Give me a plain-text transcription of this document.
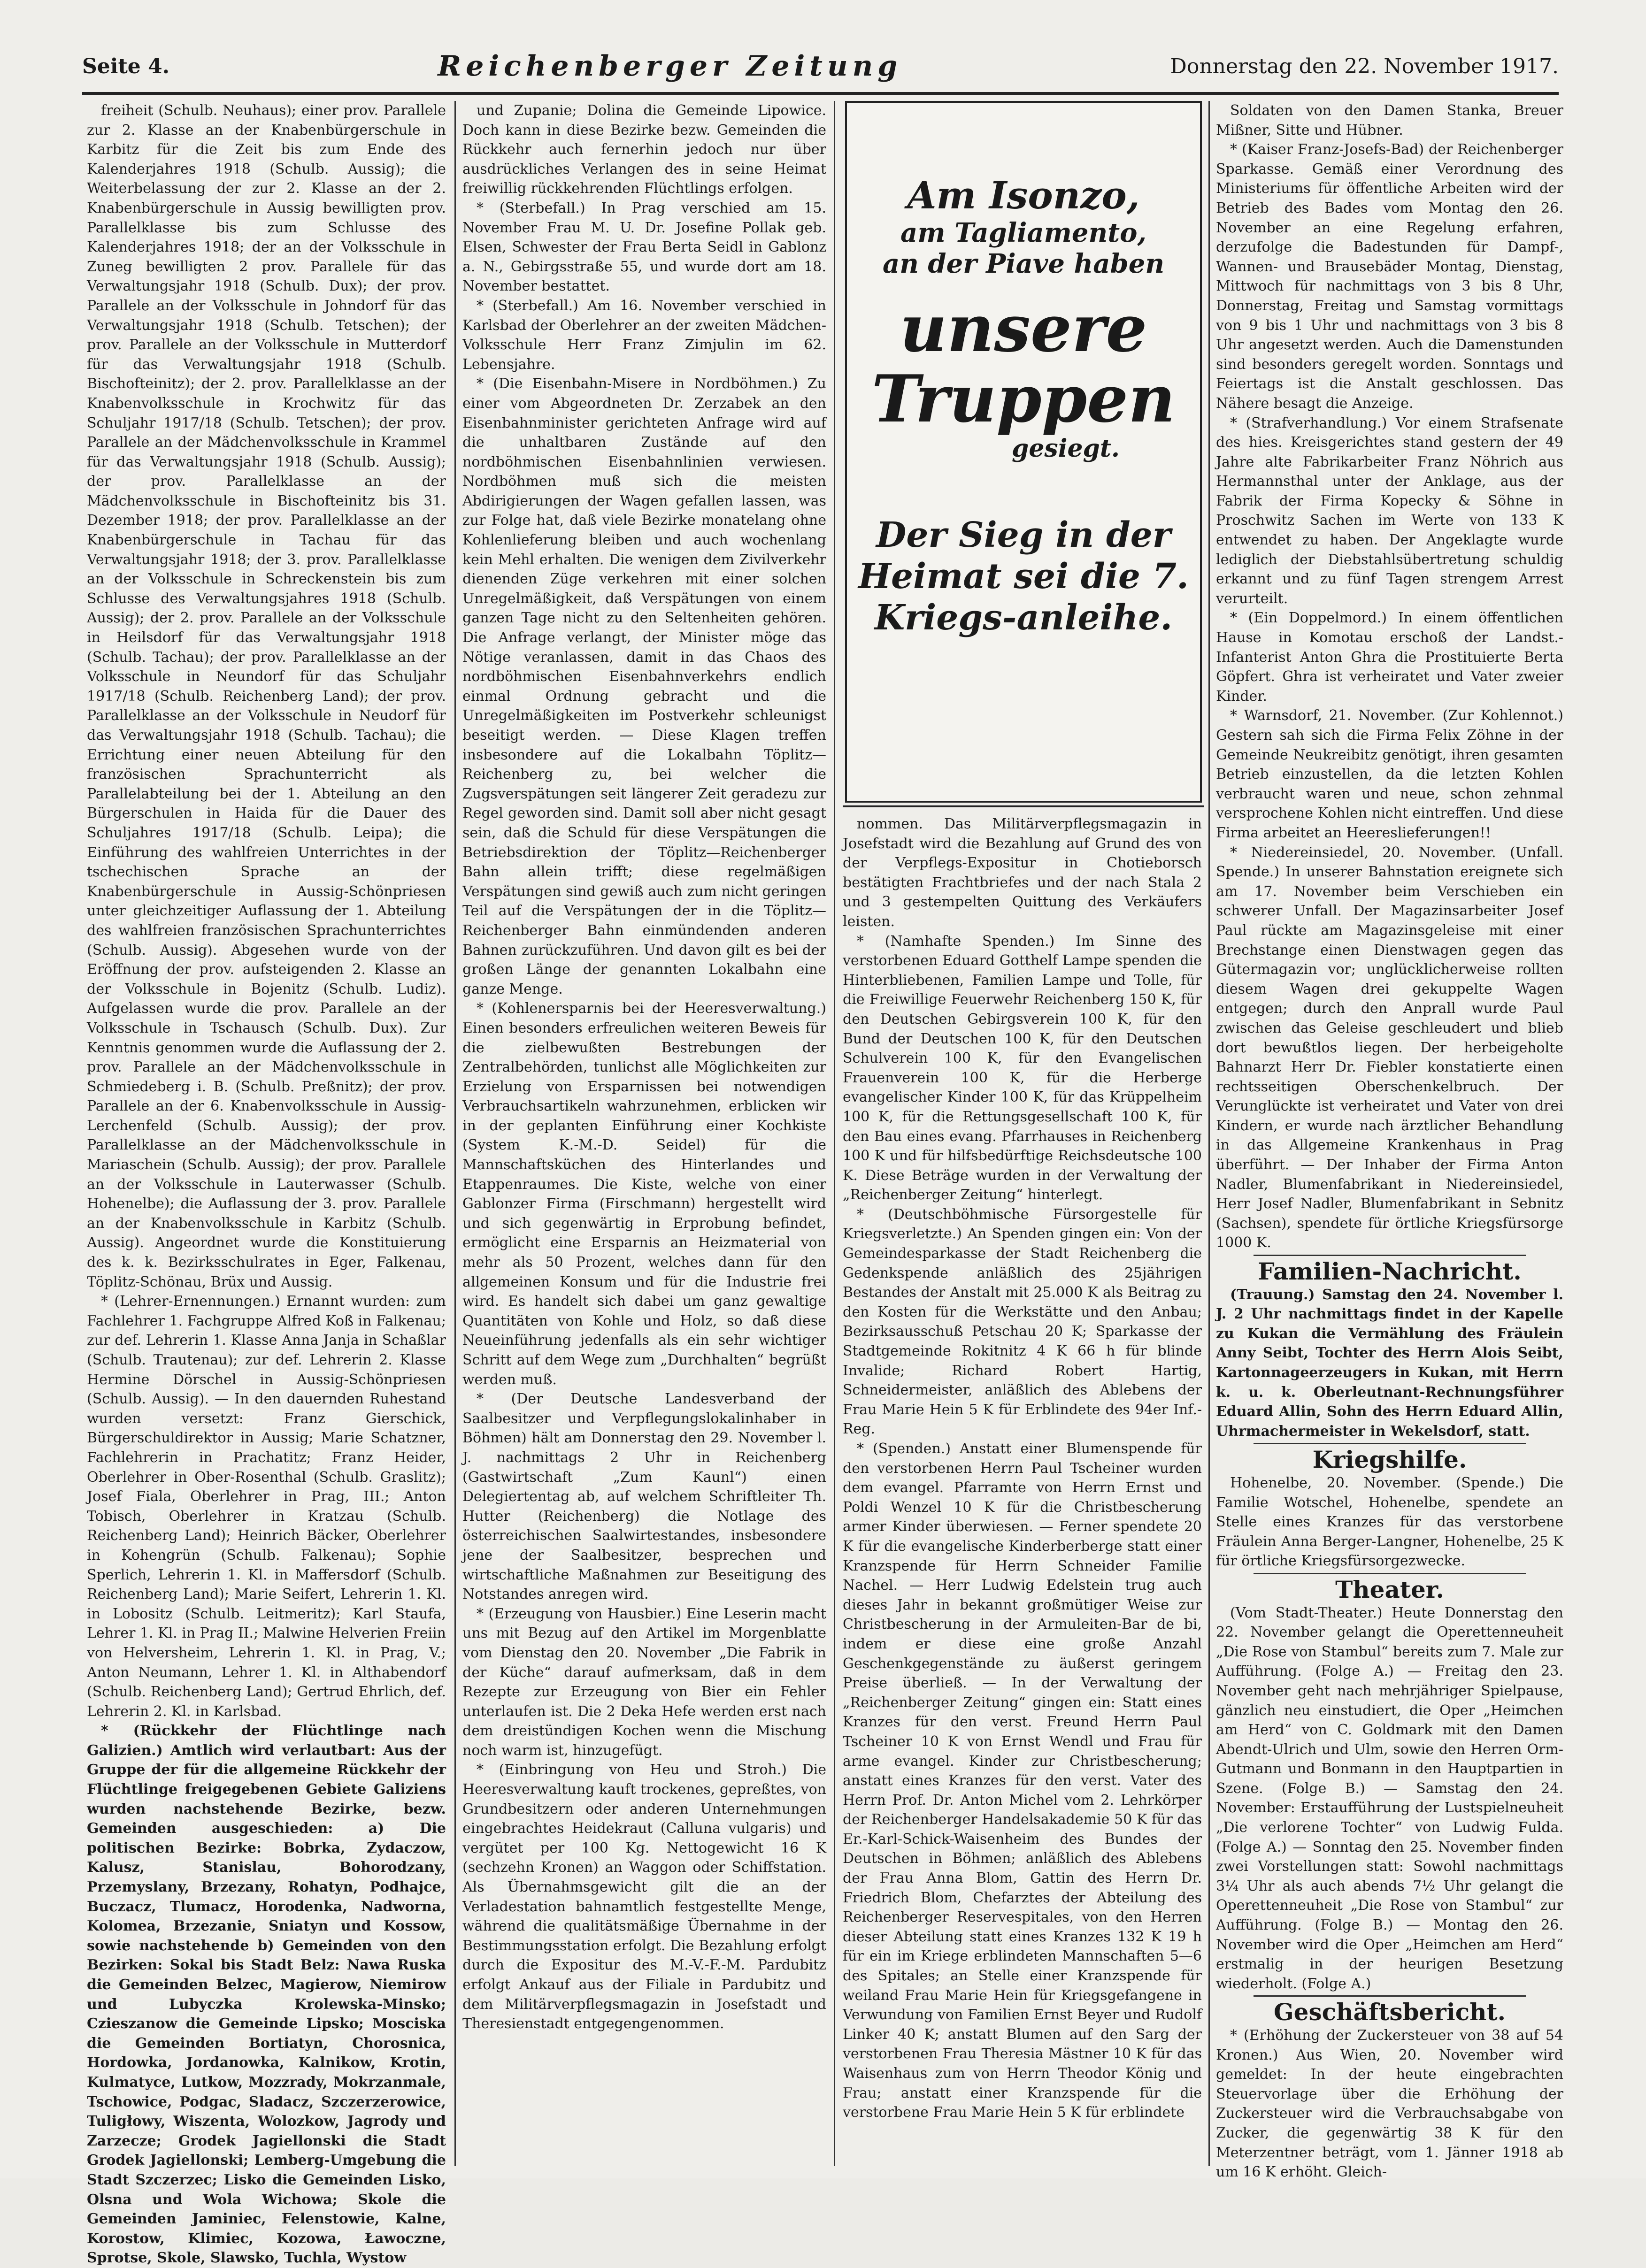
Seite 4.	Reichenberger Zeitung	Donnerstag den 22. November 1917.

freiheit (Schulb. Neuhaus); einer prov. Parallele zur 2. Klasse an der Knabenbürgerschule in Karbitz für die Zeit bis zum Ende des Kalenderjahres 1918 (Schulb. Aussig); die Weiterbelassung der zur 2. Klasse an der 2. Knabenbürgerschule in Aussig bewilligten prov. Parallelklasse bis zum Schlusse des Kalenderjahres 1918; der an der Volksschule in Zuneg bewilligten 2 prov. Parallele für das Verwaltungsjahr 1918 (Schulb. Dux); der prov. Parallele an der Volksschule in Johndorf für das Verwaltungsjahr 1918 (Schulb. Tetschen); der prov. Parallele an der Volksschule in Mutterdorf für das Verwaltungsjahr 1918 (Schulb. Bischofteinitz); der 2. prov. Parallelklasse an der Knabenvolksschule in Krochwitz für das Schuljahr 1917/18 (Schulb. Tetschen); der prov. Parallele an der Mädchenvolksschule in Krammel für das Verwaltungsjahr 1918 (Schulb. Aussig); der prov. Parallelklasse an der Mädchenvolksschule in Bischofteinitz bis 31. Dezember 1918; der prov. Parallelklasse an der Knabenbürgerschule in Tachau für das Verwaltungsjahr 1918; der 3. prov. Parallelklasse an der Volksschule in Schreckenstein bis zum Schlusse des Verwaltungsjahres 1918 (Schulb. Aussig); der 2. prov. Parallele an der Volksschule in Heilsdorf für das Verwaltungsjahr 1918 (Schulb. Tachau); der prov. Parallelklasse an der Volksschule in Neundorf für das Schuljahr 1917/18 (Schulb. Reichenberg Land); der prov. Parallelklasse an der Volksschule in Neudorf für das Verwaltungsjahr 1918 (Schulb. Tachau); die Errichtung einer neuen Abteilung für den französischen Sprachunterricht als Parallelabteilung bei der 1. Abteilung an den Bürgerschulen in Haida für die Dauer des Schuljahres 1917/18 (Schulb. Leipa); die Einführung des wahlfreien Unterrichtes in der tschechischen Sprache an der Knabenbürgerschule in Aussig-Schönpriesen unter gleichzeitiger Auflassung der 1. Abteilung des wahlfreien französischen Sprachunterrichtes (Schulb. Aussig). Abgesehen wurde von der Eröffnung der prov. aufsteigenden 2. Klasse an der Volksschule in Bojenitz (Schulb. Ludiz). Aufgelassen wurde die prov. Parallele an der Volksschule in Tschausch (Schulb. Dux). Zur Kenntnis genommen wurde die Auflassung der 2. prov. Parallele an der Mädchenvolksschule in Schmiedeberg i. B. (Schulb. Preßnitz); der prov. Parallele an der 6. Knabenvolksschule in Aussig-Lerchenfeld (Schulb. Aussig); der prov. Parallelklasse an der Mädchenvolksschule in Mariaschein (Schulb. Aussig); der prov. Parallele an der Volksschule in Lauterwasser (Schulb. Hohenelbe); die Auflassung der 3. prov. Parallele an der Knabenvolksschule in Karbitz (Schulb. Aussig). Angeordnet wurde die Konstituierung des k. k. Bezirksschulrates in Eger, Falkenau, Töplitz-Schönau, Brüx und Aussig.

* (Lehrer-Ernennungen.) Ernannt wurden: zum Fachlehrer 1. Fachgruppe Alfred Koß in Falkenau; zur def. Lehrerin 1. Klasse Anna Janja in Schaßlar (Schulb. Trautenau); zur def. Lehrerin 2. Klasse Hermine Dörschel in Aussig-Schönpriesen (Schulb. Aussig). — In den dauernden Ruhestand wurden versetzt: Franz Gierschick, Bürgerschuldirektor in Aussig; Marie Schatzner, Fachlehrerin in Prachatitz; Franz Heider, Oberlehrer in Ober-Rosenthal (Schulb. Graslitz); Josef Fiala, Oberlehrer in Prag, III.; Anton Tobisch, Oberlehrer in Kratzau (Schulb. Reichenberg Land); Heinrich Bäcker, Oberlehrer in Kohengrün (Schulb. Falkenau); Sophie Sperlich, Lehrerin 1. Kl. in Maffersdorf (Schulb. Reichenberg Land); Marie Seifert, Lehrerin 1. Kl. in Lobositz (Schulb. Leitmeritz); Karl Staufa, Lehrer 1. Kl. in Prag II.; Malwine Helverien Freiin von Helversheim, Lehrerin 1. Kl. in Prag, V.; Anton Neumann, Lehrer 1. Kl. in Althabendorf (Schulb. Reichenberg Land); Gertrud Ehrlich, def. Lehrerin 2. Kl. in Karlsbad.

* (Rückkehr der Flüchtlinge nach Galizien.) Amtlich wird verlautbart: Aus der Gruppe der für die allgemeine Rückkehr der Flüchtlinge freigegebenen Gebiete Galiziens wurden nachstehende Bezirke, bezw. Gemeinden ausgeschieden: a) Die politischen Bezirke: Bobrka, Zydaczow, Kalusz, Stanislau, Bohorodzany, Przemyslany, Brzezany, Rohatyn, Podhajce, Buczacz, Tlumacz, Horodenka, Nadworna, Kolomea, Brzezanie, Sniatyn und Kossow, sowie nachstehende b) Gemeinden von den Bezirken: Sokal bis Stadt Belz: Nawa Ruska die Gemeinden Belzec, Magierow, Niemirow und Lubyczka Krolewska-Minsko; Czieszanow die Gemeinde Lipsko; Mosciska die Gemeinden Bortiatyn, Chorosnica, Hordowka, Jordanowka, Kalnikow, Krotin, Kulmatyce, Lutkow, Mozzrady, Mokrzanmale, Tschowice, Podgac, Sladacz, Szczerzerowice, Tuligłowy, Wiszenta, Wolozkow, Jagrody und Zarzecze; Grodek Jagiellonski die Stadt Grodek Jagiellonski; Lemberg-Umgebung die Stadt Szczerzec; Lisko die Gemeinden Lisko, Olsna und Wola Wichowa; Skole die Gemeinden Jaminiec, Felenstowie, Kalne, Korostow, Klimiec, Kozowa, Ławoczne, Sprotse, Skole, Slawsko, Tuchla, Wystow

und Zupanie; Dolina die Gemeinde Lipowice. Doch kann in diese Bezirke bezw. Gemeinden die Rückkehr auch fernerhin jedoch nur über ausdrückliches Verlangen des in seine Heimat freiwillig rückkehrenden Flüchtlings erfolgen.

* (Sterbefall.) In Prag verschied am 15. November Frau M. U. Dr. Josefine Pollak geb. Elsen, Schwester der Frau Berta Seidl in Gablonz a. N., Gebirgsstraße 55, und wurde dort am 18. November bestattet.

* (Sterbefall.) Am 16. November verschied in Karlsbad der Oberlehrer an der zweiten Mädchen-Volksschule Herr Franz Zimjulin im 62. Lebensjahre.

* (Die Eisenbahn-Misere in Nordböhmen.) Zu einer vom Abgeordneten Dr. Zerzabek an den Eisenbahnminister gerichteten Anfrage wird auf die unhaltbaren Zustände auf den nordböhmischen Eisenbahnlinien verwiesen. Nordböhmen muß sich die meisten Abdirigierungen der Wagen gefallen lassen, was zur Folge hat, daß viele Bezirke monatelang ohne Kohlenlieferung bleiben und auch wochenlang kein Mehl erhalten. Die wenigen dem Zivilverkehr dienenden Züge verkehren mit einer solchen Unregelmäßigkeit, daß Verspätungen von einem ganzen Tage nicht zu den Seltenheiten gehören. Die Anfrage verlangt, der Minister möge das Nötige veranlassen, damit in das Chaos des nordböhmischen Eisenbahnverkehrs endlich einmal Ordnung gebracht und die Unregelmäßigkeiten im Postverkehr schleunigst beseitigt werden. — Diese Klagen treffen insbesondere auf die Lokalbahn Töplitz—Reichenberg zu, bei welcher die Zugsverspätungen seit längerer Zeit geradezu zur Regel geworden sind. Damit soll aber nicht gesagt sein, daß die Schuld für diese Verspätungen die Betriebsdirektion der Töplitz—Reichenberger Bahn allein trifft; diese regelmäßigen Verspätungen sind gewiß auch zum nicht geringen Teil auf die Verspätungen der in die Töplitz—Reichenberger Bahn einmündenden anderen Bahnen zurückzuführen. Und davon gilt es bei der großen Länge der genannten Lokalbahn eine ganze Menge.

* (Kohlenersparnis bei der Heeresverwaltung.) Einen besonders erfreulichen weiteren Beweis für die zielbewußten Bestrebungen der Zentralbehörden, tunlichst alle Möglichkeiten zur Erzielung von Ersparnissen bei notwendigen Verbrauchsartikeln wahrzunehmen, erblicken wir in der geplanten Einführung einer Kochkiste (System K.-M.-D. Seidel) für die Mannschaftsküchen des Hinterlandes und Etappenraumes. Die Kiste, welche von einer Gablonzer Firma (Firschmann) hergestellt wird und sich gegenwärtig in Erprobung befindet, ermöglicht eine Ersparnis an Heizmaterial von mehr als 50 Prozent, welches dann für den allgemeinen Konsum und für die Industrie frei wird. Es handelt sich dabei um ganz gewaltige Quantitäten von Kohle und Holz, so daß diese Neueinführung jedenfalls als ein sehr wichtiger Schritt auf dem Wege zum „Durchhalten“ begrüßt werden muß.

* (Der Deutsche Landesverband der Saalbesitzer und Verpflegungslokalinhaber in Böhmen) hält am Donnerstag den 29. November l. J. nachmittags 2 Uhr in Reichenberg (Gastwirtschaft „Zum Kaunl“) einen Delegiertentag ab, auf welchem Schriftleiter Th. Hutter (Reichenberg) die Notlage des österreichischen Saalwirtestandes, insbesondere jene der Saalbesitzer, besprechen und wirtschaftliche Maßnahmen zur Beseitigung des Notstandes anregen wird.

* (Erzeugung von Hausbier.) Eine Leserin macht uns mit Bezug auf den Artikel im Morgenblatte vom Dienstag den 20. November „Die Fabrik in der Küche“ darauf aufmerksam, daß in dem Rezepte zur Erzeugung von Bier ein Fehler unterlaufen ist. Die 2 Deka Hefe werden erst nach dem dreistündigen Kochen wenn die Mischung noch warm ist, hinzugefügt.

* (Einbringung von Heu und Stroh.) Die Heeresverwaltung kauft trockenes, gepreßtes, von Grundbesitzern oder anderen Unternehmungen eingebrachtes Heidekraut (Calluna vulgaris) und vergütet per 100 Kg. Nettogewicht 16 K (sechzehn Kronen) an Waggon oder Schiffstation. Als Übernahmsgewicht gilt die an der Verladestation bahnamtlich festgestellte Menge, während die qualitätsmäßige Übernahme in der Bestimmungsstation erfolgt. Die Bezahlung erfolgt durch die Expositur des M.-V.-F.-M. Pardubitz erfolgt Ankauf aus der Filiale in Pardubitz und dem Militärverpflegsmagazin in Josefstadt und Theresienstadt entgegengenommen.

Am Isonzo,
am Tagliamento,
an der Piave haben
unsere
Truppen
gesiegt.
Der Sieg in der Heimat sei die 7. Kriegs-anleihe.

nommen. Das Militärverpflegsmagazin in Josefstadt wird die Bezahlung auf Grund des von der Verpflegs-Expositur in Chotieborsch bestätigten Frachtbriefes und der nach Stala 2 und 3 gestempelten Quittung des Verkäufers leisten.

* (Namhafte Spenden.) Im Sinne des verstorbenen Eduard Gotthelf Lampe spenden die Hinterbliebenen, Familien Lampe und Tolle, für die Freiwillige Feuerwehr Reichenberg 150 K, für den Deutschen Gebirgsverein 100 K, für den Bund der Deutschen 100 K, für den Deutschen Schulverein 100 K, für den Evangelischen Frauenverein 100 K, für die Herberge evangelischer Kinder 100 K, für das Krüppelheim 100 K, für die Rettungsgesellschaft 100 K, für den Bau eines evang. Pfarrhauses in Reichenberg 100 K und für hilfsbedürftige Reichsdeutsche 100 K. Diese Beträge wurden in der Verwaltung der „Reichenberger Zeitung“ hinterlegt.

* (Deutschböhmische Fürsorgestelle für Kriegsverletzte.) An Spenden gingen ein: Von der Gemeindesparkasse der Stadt Reichenberg die Gedenkspende anläßlich des 25jährigen Bestandes der Anstalt mit 25.000 K als Beitrag zu den Kosten für die Werkstätte und den Anbau; Bezirksausschuß Petschau 20 K; Sparkasse der Stadtgemeinde Rokitnitz 4 K 66 h für blinde Invalide; Richard Robert Hartig, Schneidermeister, anläßlich des Ablebens der Frau Marie Hein 5 K für Erblindete des 94er Inf.-Reg.

* (Spenden.) Anstatt einer Blumenspende für den verstorbenen Herrn Paul Tscheiner wurden dem evangel. Pfarramte von Herrn Ernst und Poldi Wenzel 10 K für die Christbescherung armer Kinder überwiesen. — Ferner spendete 20 K für die evangelische Kinderberberge statt einer Kranzspende für Herrn Schneider Familie Nachel. — Herr Ludwig Edelstein trug auch dieses Jahr in bekannt großmütiger Weise zur Christbescherung in der Armuleiten-Bar de bi, indem er diese eine große Anzahl Geschenkgegenstände zu äußerst geringem Preise überließ. — In der Verwaltung der „Reichenberger Zeitung“ gingen ein: Statt eines Kranzes für den verst. Freund Herrn Paul Tscheiner 10 K von Ernst Wendl und Frau für arme evangel. Kinder zur Christbescherung; anstatt eines Kranzes für den verst. Vater des Herrn Prof. Dr. Anton Michel vom 2. Lehrkörper der Reichenberger Handelsakademie 50 K für das Er.-Karl-Schick-Waisenheim des Bundes der Deutschen in Böhmen; anläßlich des Ablebens der Frau Anna Blom, Gattin des Herrn Dr. Friedrich Blom, Chefarztes der Abteilung des Reichenberger Reservespitales, von den Herren dieser Abteilung statt eines Kranzes 132 K 19 h für ein im Kriege erblindeten Mannschaften 5—6 des Spitales; an Stelle einer Kranzspende für weiland Frau Marie Hein für Kriegsgefangene in Verwundung von Familien Ernst Beyer und Rudolf Linker 40 K; anstatt Blumen auf den Sarg der verstorbenen Frau Theresia Mästner 10 K für das Waisenhaus zum von Herrn Theodor König und Frau; anstatt einer Kranzspende für die verstorbene Frau Marie Hein 5 K für erblindete

Soldaten von den Damen Stanka, Breuer Mißner, Sitte und Hübner.

* (Kaiser Franz-Josefs-Bad) der Reichenberger Sparkasse. Gemäß einer Verordnung des Ministeriums für öffentliche Arbeiten wird der Betrieb des Bades vom Montag den 26. November an eine Regelung erfahren, derzufolge die Badestunden für Dampf-, Wannen- und Brausebäder Montag, Dienstag, Mittwoch für nachmittags von 3 bis 8 Uhr, Donnerstag, Freitag und Samstag vormittags von 9 bis 1 Uhr und nachmittags von 3 bis 8 Uhr angesetzt werden. Auch die Damenstunden sind besonders geregelt worden. Sonntags und Feiertags ist die Anstalt geschlossen. Das Nähere besagt die Anzeige.

* (Strafverhandlung.) Vor einem Strafsenate des hies. Kreisgerichtes stand gestern der 49 Jahre alte Fabrikarbeiter Franz Nöhrich aus Hermannsthal unter der Anklage, aus der Fabrik der Firma Kopecky & Söhne in Proschwitz Sachen im Werte von 133 K entwendet zu haben. Der Angeklagte wurde lediglich der Diebstahlsübertretung schuldig erkannt und zu fünf Tagen strengem Arrest verurteilt.

* (Ein Doppelmord.) In einem öffentlichen Hause in Komotau erschoß der Landst.-Infanterist Anton Ghra die Prostituierte Berta Göpfert. Ghra ist verheiratet und Vater zweier Kinder.

* Warnsdorf, 21. November. (Zur Kohlennot.) Gestern sah sich die Firma Felix Zöhne in der Gemeinde Neukreibitz genötigt, ihren gesamten Betrieb einzustellen, da die letzten Kohlen verbraucht waren und neue, schon zehnmal versprochene Kohlen nicht eintreffen. Und diese Firma arbeitet an Heereslieferungen!!

* Niedereinsiedel, 20. November. (Unfall. Spende.) In unserer Bahnstation ereignete sich am 17. November beim Verschieben ein schwerer Unfall. Der Magazinsarbeiter Josef Paul rückte am Magazinsgeleise mit einer Brechstange einen Dienstwagen gegen das Gütermagazin vor; unglücklicherweise rollten diesem Wagen drei gekuppelte Wagen entgegen; durch den Anprall wurde Paul zwischen das Geleise geschleudert und blieb dort bewußtlos liegen. Der herbeigeholte Bahnarzt Herr Dr. Fiebler konstatierte einen rechtsseitigen Oberschenkelbruch. Der Verunglückte ist verheiratet und Vater von drei Kindern, er wurde nach ärztlicher Behandlung in das Allgemeine Krankenhaus in Prag überführt. — Der Inhaber der Firma Anton Nadler, Blumenfabrikant in Niedereinsiedel, Herr Josef Nadler, Blumenfabrikant in Sebnitz (Sachsen), spendete für örtliche Kriegsfürsorge 1000 K.

Familien-Nachricht.

(Trauung.) Samstag den 24. November l. J. 2 Uhr nachmittags findet in der Kapelle zu Kukan die Vermählung des Fräulein Anny Seibt, Tochter des Herrn Alois Seibt, Kartonnageerzeugers in Kukan, mit Herrn k. u. k. Oberleutnant-Rechnungsführer Eduard Allin, Sohn des Herrn Eduard Allin, Uhrmachermeister in Wekelsdorf, statt.

Kriegshilfe.

Hohenelbe, 20. November. (Spende.) Die Familie Wotschel, Hohenelbe, spendete an Stelle eines Kranzes für das verstorbene Fräulein Anna Berger-Langner, Hohenelbe, 25 K für örtliche Kriegsfürsorgezwecke.

Theater.

(Vom Stadt-Theater.) Heute Donnerstag den 22. November gelangt die Operettenneuheit „Die Rose von Stambul“ bereits zum 7. Male zur Aufführung. (Folge A.) — Freitag den 23. November geht nach mehrjähriger Spielpause, gänzlich neu einstudiert, die Oper „Heimchen am Herd“ von C. Goldmark mit den Damen Abendt-Ulrich und Ulm, sowie den Herren Orm-Gutmann und Bonmann in den Hauptpartien in Szene. (Folge B.) — Samstag den 24. November: Erstaufführung der Lustspielneuheit „Die verlorene Tochter“ von Ludwig Fulda. (Folge A.) — Sonntag den 25. November finden zwei Vorstellungen statt: Sowohl nachmittags 3¼ Uhr als auch abends 7½ Uhr gelangt die Operettenneuheit „Die Rose von Stambul“ zur Aufführung. (Folge B.) — Montag den 26. November wird die Oper „Heimchen am Herd“ erstmalig in der heurigen Besetzung wiederholt. (Folge A.)

Geschäftsbericht.

* (Erhöhung der Zuckersteuer von 38 auf 54 Kronen.) Aus Wien, 20. November wird gemeldet: In der heute eingebrachten Steuervorlage über die Erhöhung der Zuckersteuer wird die Verbrauchsabgabe von Zucker, die gegenwärtig 38 K für den Meterzentner beträgt, vom 1. Jänner 1918 ab um 16 K erhöht. Gleich-
